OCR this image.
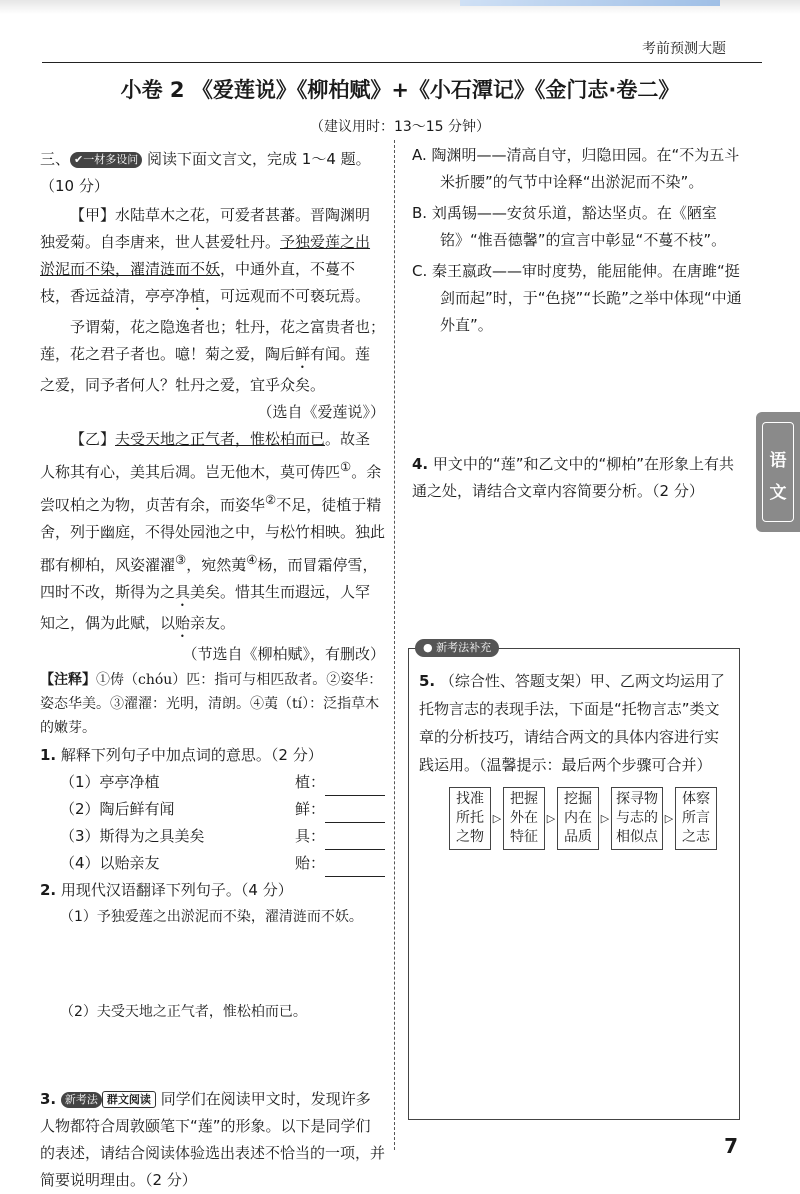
考前预测大题
小卷 2 《爱莲说》《柳柏赋》+《小石潭记》《金门志·卷二》
（建议用时：13～15 分钟）
三、 ✔一材多设问 阅读下面文言文，完成 1～4 题。（10 分）
【甲】水陆草木之花，可爱者甚蕃。晋陶渊明独爱菊。自李唐来，世人甚爱牡丹。予独爱莲之出淤泥而不染，濯清涟而不妖，中通外直，不蔓不枝，香远益清，亭亭净植，可远观而不可亵玩焉。
予谓菊，花之隐逸者也；牡丹，花之富贵者也；莲，花之君子者也。噫！菊之爱，陶后鲜有闻。莲之爱，同予者何人？牡丹之爱，宜乎众矣。
（选自《爱莲说》）
【乙】夫受天地之正气者，惟松柏而已。故圣人称其有心，美其后凋。岂无他木，莫可俦匹①。余尝叹柏之为物，贞苦有余，而姿华②不足，徒植于精舍，列于幽庭，不得处园池之中，与松竹相映。独此郡有柳柏，风姿濯濯③，宛然荑④杨，而冒霜停雪，四时不改，斯得为之具美矣。惜其生而遐远，人罕知之，偶为此赋，以贻亲友。
（节选自《柳柏赋》，有删改）
【注释】①俦（chóu）匹：指可与相匹敌者。②姿华：姿态华美。③濯濯：光明，清朗。④荑（tí）：泛指草木的嫩芽。
1. 解释下列句子中加点词的意思。（2 分）
（1）亭亭净植	植：
（2）陶后鲜有闻	鲜：
（3）斯得为之具美矣	具：
（4）以贻亲友	贻：
2. 用现代汉语翻译下列句子。（4 分）
（1）予独爱莲之出淤泥而不染，濯清涟而不妖。
（2）夫受天地之正气者，惟松柏而已。
3. 新考法 群文阅读 同学们在阅读甲文时，发现许多人物都符合周敦颐笔下“莲”的形象。以下是同学们的表述，请结合阅读体验选出表述不恰当的一项，并简要说明理由。（2 分）
A. 陶渊明——清高自守，归隐田园。在“不为五斗米折腰”的气节中诠释“出淤泥而不染”。
B. 刘禹锡——安贫乐道，豁达坚贞。在《陋室铭》“惟吾德馨”的宣言中彰显“不蔓不枝”。
C. 秦王嬴政——审时度势，能屈能伸。在唐雎“挺剑而起”时，于“色挠”“长跪”之举中体现“中通外直”。
4. 甲文中的“莲”和乙文中的“柳柏”在形象上有共通之处，请结合文章内容简要分析。（2 分）
● 新考法补充
5. （综合性、答题支架）甲、乙两文均运用了托物言志的表现手法，下面是“托物言志”类文章的分析技巧，请结合两文的具体内容进行实践运用。（温馨提示：最后两个步骤可合并）
找准所托之物
▷
把握外在特征
▷
挖掘内在品质
▷
探寻物与志的相似点
▷
体察所言之志
语文
7
